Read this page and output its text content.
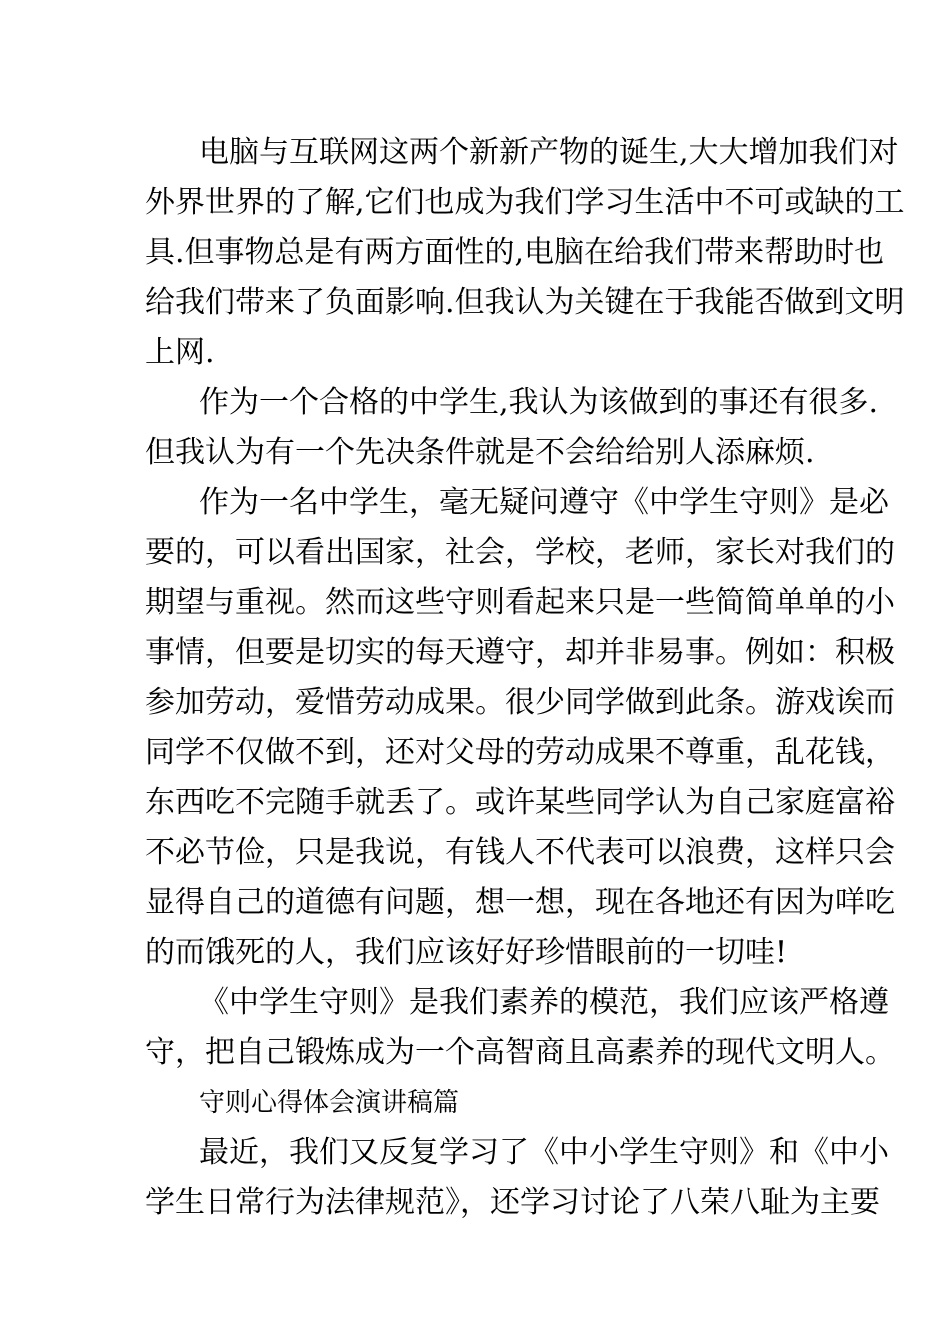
电脑与互联网这两个新新产物的诞生,大大增加我们对
外界世界的了解,它们也成为我们学习生活中不可或缺的工
具.但事物总是有两方面性的,电脑在给我们带来帮助时也
给我们带来了负面影响.但我认为关键在于我能否做到文明
上网.
作为一个合格的中学生,我认为该做到的事还有很多.
但我认为有一个先决条件就是不会给给别人添麻烦.
作为一名中学生，毫无疑问遵守《中学生守则》是必
要的，可以看出国家，社会，学校，老师，家长对我们的
期望与重视。然而这些守则看起来只是一些简简单单的小
事情，但要是切实的每天遵守，却并非易事。例如：积极
参加劳动，爱惜劳动成果。很少同学做到此条。游戏诶而
同学不仅做不到，还对父母的劳动成果不尊重，乱花钱，
东西吃不完随手就丢了。或许某些同学认为自己家庭富裕
不必节俭，只是我说，有钱人不代表可以浪费，这样只会
显得自己的道德有问题，想一想，现在各地还有因为咩吃
的而饿死的人，我们应该好好珍惜眼前的一切哇!
《中学生守则》是我们素养的模范，我们应该严格遵
守，把自己锻炼成为一个高智商且高素养的现代文明人。
守则心得体会演讲稿篇
最近，我们又反复学习了《中小学生守则》和《中小
学生日常行为法律规范》，还学习讨论了八荣八耻为主要
